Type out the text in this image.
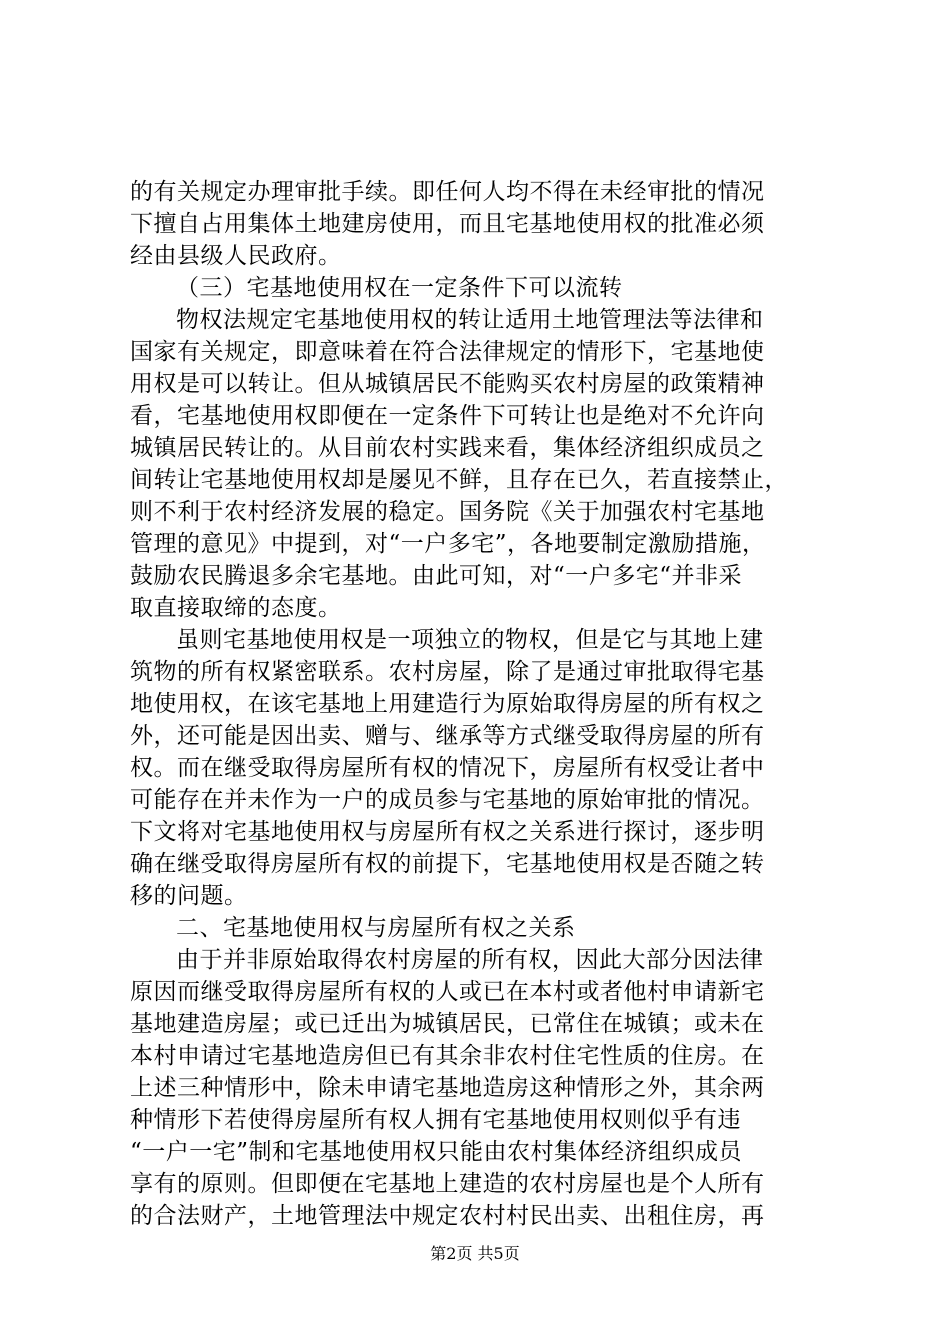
的有关规定办理审批手续。即任何人均不得在未经审批的情况
下擅自占用集体土地建房使用，而且宅基地使用权的批准必须
经由县级人民政府。
（三）宅基地使用权在一定条件下可以流转
物权法规定宅基地使用权的转让适用土地管理法等法律和
国家有关规定，即意味着在符合法律规定的情形下，宅基地使
用权是可以转让。但从城镇居民不能购买农村房屋的政策精神
看，宅基地使用权即便在一定条件下可转让也是绝对不允许向
城镇居民转让的。从目前农村实践来看，集体经济组织成员之
间转让宅基地使用权却是屡见不鲜，且存在已久，若直接禁止，
则不利于农村经济发展的稳定。国务院《关于加强农村宅基地
管理的意见》中提到，对“一户多宅”，各地要制定激励措施，
鼓励农民腾退多余宅基地。由此可知，对“一户多宅“并非采
取直接取缔的态度。
虽则宅基地使用权是一项独立的物权，但是它与其地上建
筑物的所有权紧密联系。农村房屋，除了是通过审批取得宅基
地使用权，在该宅基地上用建造行为原始取得房屋的所有权之
外，还可能是因出卖、赠与、继承等方式继受取得房屋的所有
权。而在继受取得房屋所有权的情况下，房屋所有权受让者中
可能存在并未作为一户的成员参与宅基地的原始审批的情况。
下文将对宅基地使用权与房屋所有权之关系进行探讨，逐步明
确在继受取得房屋所有权的前提下，宅基地使用权是否随之转
移的问题。
二、宅基地使用权与房屋所有权之关系
由于并非原始取得农村房屋的所有权，因此大部分因法律
原因而继受取得房屋所有权的人或已在本村或者他村申请新宅
基地建造房屋；或已迁出为城镇居民，已常住在城镇；或未在
本村申请过宅基地造房但已有其余非农村住宅性质的住房。在
上述三种情形中，除未申请宅基地造房这种情形之外，其余两
种情形下若使得房屋所有权人拥有宅基地使用权则似乎有违
“一户一宅”制和宅基地使用权只能由农村集体经济组织成员
享有的原则。但即便在宅基地上建造的农村房屋也是个人所有
的合法财产，土地管理法中规定农村村民出卖、出租住房，再
第2页 共5页
